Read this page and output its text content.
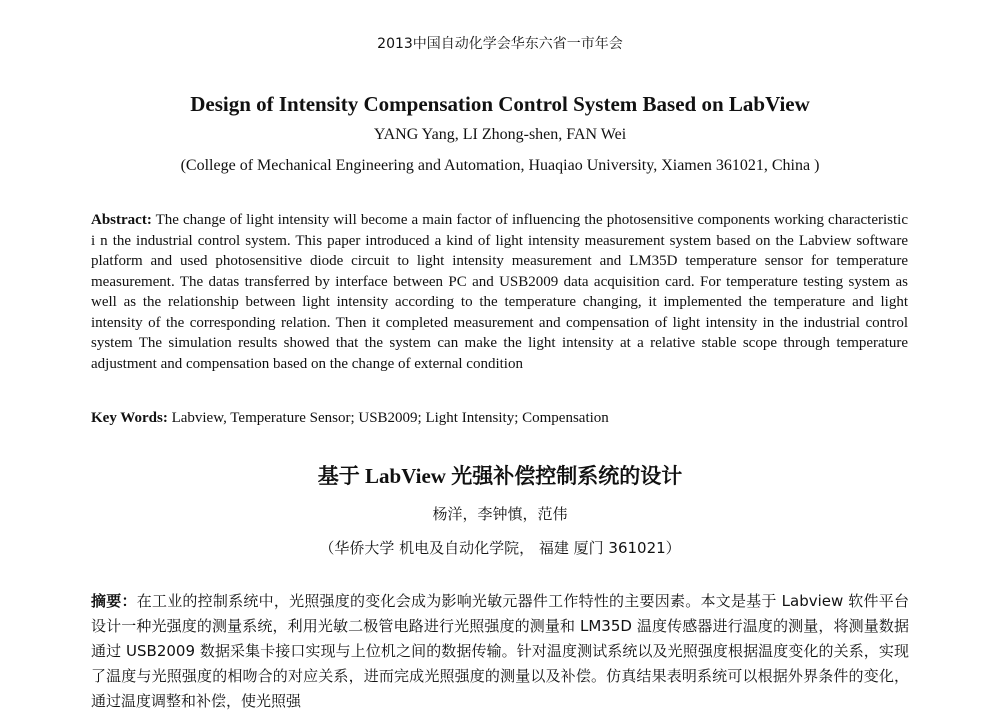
2013中国自动化学会华东六省一市年会
Design of Intensity Compensation Control System Based on LabView
YANG Yang, LI Zhong-shen, FAN Wei
(College of Mechanical Engineering and Automation, Huaqiao University, Xiamen 361021, China )
Abstract: The change of light intensity will become a main factor of influencing the photosensitive components working characteristic i n the industrial control system. This paper introduced a kind of light intensity measurement system based on the Labview software platform and used photosensitive diode circuit to light intensity measurement and LM35D temperature sensor for temperature measurement. The datas transferred by interface between PC and USB2009 data acquisition card. For temperature testing system as well as the relationship between light intensity according to the temperature changing, it implemented the temperature and light intensity of the corresponding relation. Then it completed measurement and compensation of light intensity in the industrial control system The simulation results showed that the system can make the light intensity at a relative stable scope through temperature adjustment and compensation based on the change of external condition
Key Words: Labview, Temperature Sensor; USB2009; Light Intensity; Compensation
基于 LabView 光强补偿控制系统的设计
杨洋，李钟慎，范伟
（华侨大学 机电及自动化学院， 福建 厦门 361021）
摘要：在工业的控制系统中，光照强度的变化会成为影响光敏元器件工作特性的主要因素。本文是基于 Labview 软件平台设计一种光强度的测量系统，利用光敏二极管电路进行光照强度的测量和 LM35D 温度传感器进行温度的测量，将测量数据通过 USB2009 数据采集卡接口实现与上位机之间的数据传输。针对温度测试系统以及光照强度根据温度变化的关系，实现了温度与光照强度的相吻合的对应关系，进而完成光照强度的测量以及补偿。仿真结果表明系统可以根据外界条件的变化，通过温度调整和补偿，使光照强
